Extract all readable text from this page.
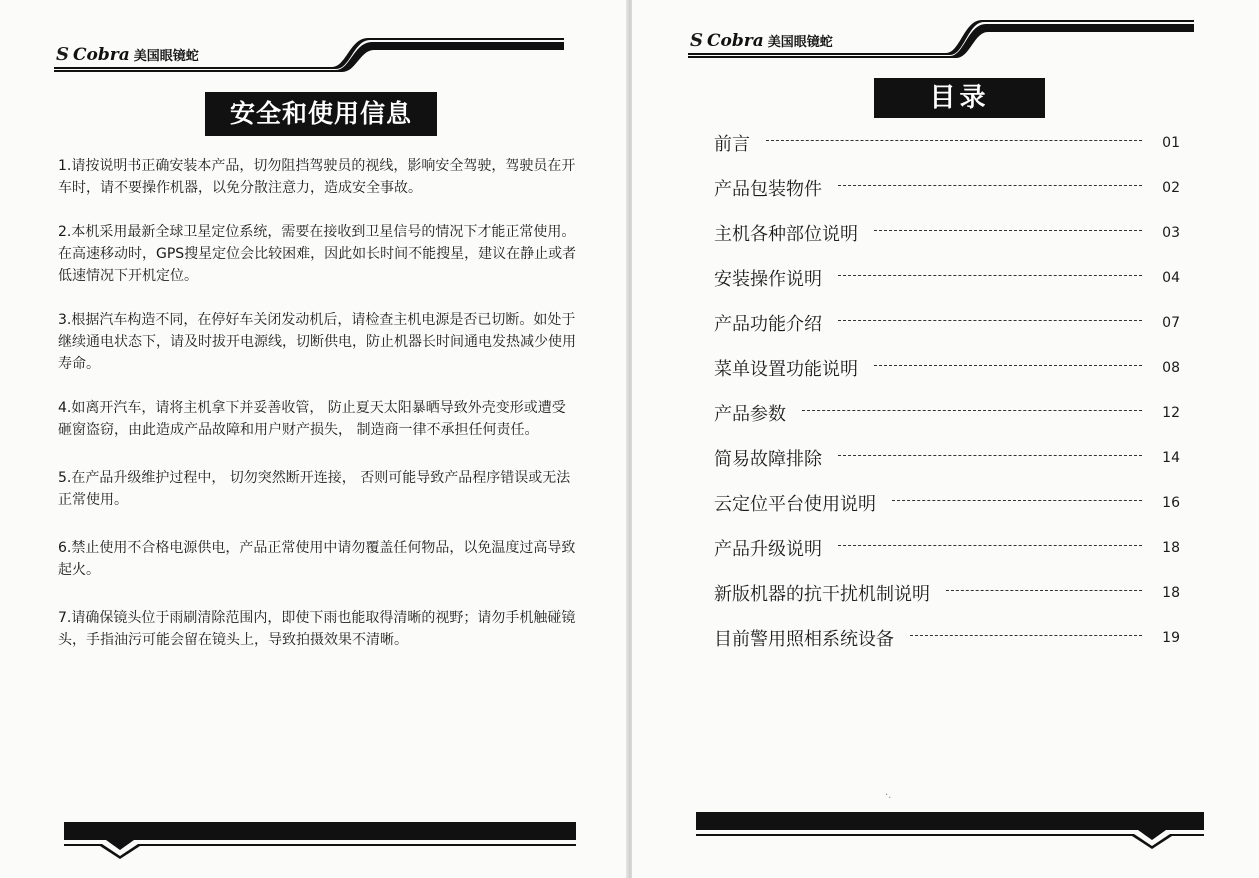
S Cobra 美国眼镜蛇
安全和使用信息
1.请按说明书正确安装本产品，切勿阻挡驾驶员的视线，影响安全驾驶，驾驶员在开车时，请不要操作机器，以免分散注意力，造成安全事故。
2.本机采用最新全球卫星定位系统，需要在接收到卫星信号的情况下才能正常使用。在高速移动时，GPS搜星定位会比较困难，因此如长时间不能搜星，建议在静止或者低速情况下开机定位。
3.根据汽车构造不同，在停好车关闭发动机后，请检查主机电源是否已切断。如处于继续通电状态下，请及时拔开电源线，切断供电，防止机器长时间通电发热减少使用寿命。
4.如离开汽车，请将主机拿下并妥善收管， 防止夏天太阳暴晒导致外壳变形或遭受砸窗盗窃，由此造成产品故障和用户财产损失， 制造商一律不承担任何责任。
5.在产品升级维护过程中， 切勿突然断开连接， 否则可能导致产品程序错误或无法正常使用。
6.禁止使用不合格电源供电，产品正常使用中请勿覆盖任何物品，以免温度过高导致起火。
7.请确保镜头位于雨刷清除范围内，即使下雨也能取得清晰的视野；请勿手机触碰镜头，手指油污可能会留在镜头上，导致拍摄效果不清晰。
S Cobra 美国眼镜蛇
目录
·.
前言	01
产品包装物件	02
主机各种部位说明	03
安装操作说明	04
产品功能介绍	07
菜单设置功能说明	08
产品参数	12
简易故障排除	14
云定位平台使用说明	16
产品升级说明	18
新版机器的抗干扰机制说明	18
目前警用照相系统设备	19
